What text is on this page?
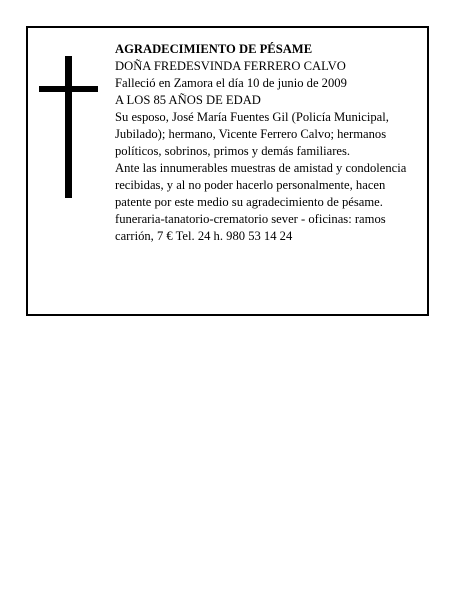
AGRADECIMIENTO DE PÉSAME

DOÑA FREDESVINDA FERRERO CALVO

Falleció en Zamora el día 10 de junio de 2009

A LOS 85 AÑOS DE EDAD

Su esposo, José María Fuentes Gil (Policía Municipal, Jubilado); hermano, Vicente Ferrero Calvo; hermanos políticos, sobrinos, primos y demás familiares.

Ante las innumerables muestras de amistad y condolencia recibidas, y al no poder hacerlo personalmente, hacen patente por este medio su agradecimiento de pésame.

funeraria-tanatorio-crematorio sever - oficinas: ramos carrión, 7 € Tel. 24 h. 980 53 14 24
